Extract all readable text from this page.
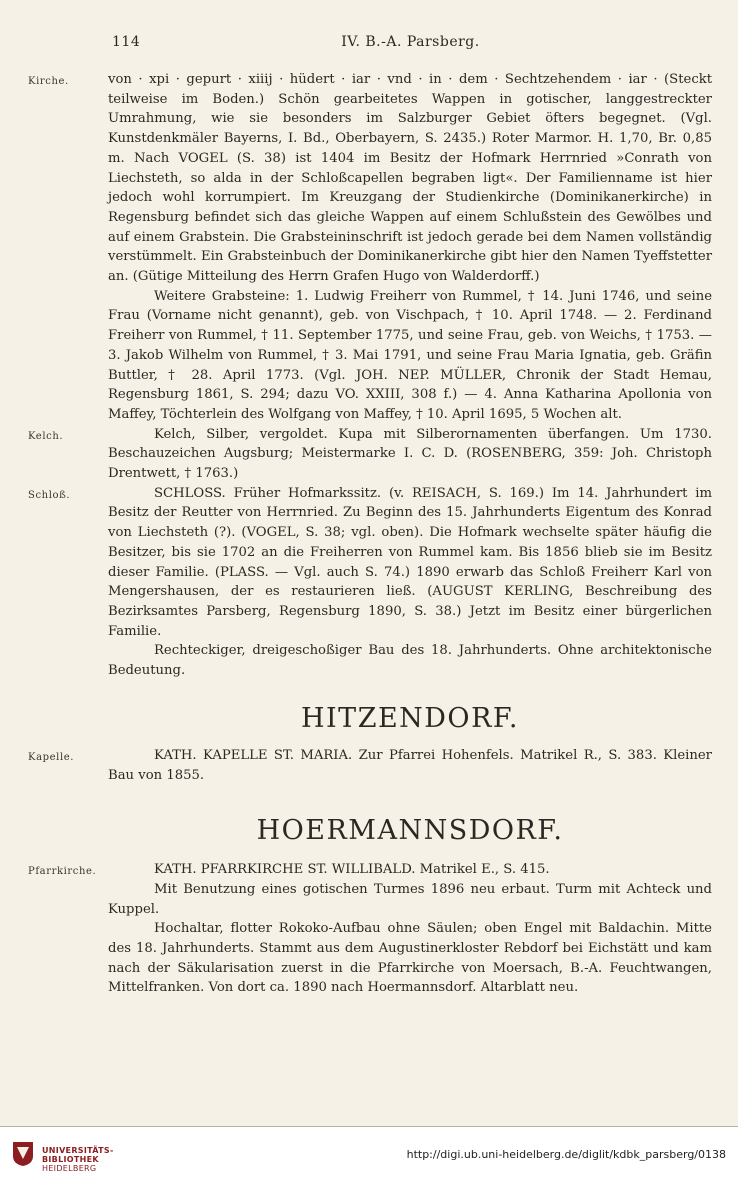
114	IV. B.-A. Parsberg.

Kirche.	von · xpi · gepurt · xiiij · hüdert · iar · vnd · in · dem · Sechtzehendem · iar · (Steckt teilweise im Boden.) Schön gearbeitetes Wappen in gotischer, langgestreckter Umrahmung, wie sie besonders im Salzburger Gebiet öfters begegnet. (Vgl. Kunstdenkmäler Bayerns, I. Bd., Oberbayern, S. 2435.) Roter Marmor. H. 1,70, Br. 0,85 m. Nach VOGEL (S. 38) ist 1404 im Besitz der Hofmark Herrnried »Conrath von Liechsteth, so alda in der Schloßcapellen begraben ligt«. Der Familienname ist hier jedoch wohl korrumpiert. Im Kreuzgang der Studienkirche (Dominikanerkirche) in Regensburg befindet sich das gleiche Wappen auf einem Schlußstein des Gewölbes und auf einem Grabstein. Die Grabsteininschrift ist jedoch gerade bei dem Namen vollständig verstümmelt. Ein Grabsteinbuch der Dominikanerkirche gibt hier den Namen Tyeffstetter an. (Gütige Mitteilung des Herrn Grafen Hugo von Walderdorff.)

Weitere Grabsteine: 1. Ludwig Freiherr von Rummel, † 14. Juni 1746, und seine Frau (Vorname nicht genannt), geb. von Vischpach, † 10. April 1748. — 2. Ferdinand Freiherr von Rummel, † 11. September 1775, und seine Frau, geb. von Weichs, † 1753. — 3. Jakob Wilhelm von Rummel, † 3. Mai 1791, und seine Frau Maria Ignatia, geb. Gräfin Buttler, † 28. April 1773. (Vgl. JOH. NEP. MÜLLER, Chronik der Stadt Hemau, Regensburg 1861, S. 294; dazu VO. XXIII, 308 f.) — 4. Anna Katharina Apollonia von Maffey, Töchterlein des Wolfgang von Maffey, † 10. April 1695, 5 Wochen alt.

Kelch.	Kelch, Silber, vergoldet. Kupa mit Silberornamenten überfangen. Um 1730. Beschauzeichen Augsburg; Meistermarke I. C. D. (ROSENBERG, 359: Joh. Christoph Drentwett, † 1763.)

Schloß.	SCHLOSS. Früher Hofmarkssitz. (v. REISACH, S. 169.) Im 14. Jahrhundert im Besitz der Reutter von Herrnried. Zu Beginn des 15. Jahrhunderts Eigentum des Konrad von Liechsteth (?). (VOGEL, S. 38; vgl. oben). Die Hofmark wechselte später häufig die Besitzer, bis sie 1702 an die Freiherren von Rummel kam. Bis 1856 blieb sie im Besitz dieser Familie. (PLASS. — Vgl. auch S. 74.) 1890 erwarb das Schloß Freiherr Karl von Mengershausen, der es restaurieren ließ. (AUGUST KERLING, Beschreibung des Bezirksamtes Parsberg, Regensburg 1890, S. 38.) Jetzt im Besitz einer bürgerlichen Familie.

Rechteckiger, dreigeschoßiger Bau des 18. Jahrhunderts. Ohne architektonische Bedeutung.

HITZENDORF.

Kapelle.	KATH. KAPELLE ST. MARIA. Zur Pfarrei Hohenfels. Matrikel R., S. 383. Kleiner Bau von 1855.

HOERMANNSDORF.

Pfarrkirche.	KATH. PFARRKIRCHE ST. WILLIBALD. Matrikel E., S. 415.

Mit Benutzung eines gotischen Turmes 1896 neu erbaut. Turm mit Achteck und Kuppel.

Hochaltar, flotter Rokoko-Aufbau ohne Säulen; oben Engel mit Baldachin. Mitte des 18. Jahrhunderts. Stammt aus dem Augustinerkloster Rebdorf bei Eichstätt und kam nach der Säkularisation zuerst in die Pfarrkirche von Moersach, B.-A. Feuchtwangen, Mittelfranken. Von dort ca. 1890 nach Hoermannsdorf. Altarblatt neu.

UNIVERSITÄTS-
BIBLIOTHEK
HEIDELBERG
http://digi.ub.uni-heidelberg.de/diglit/kdbk_parsberg/0138
